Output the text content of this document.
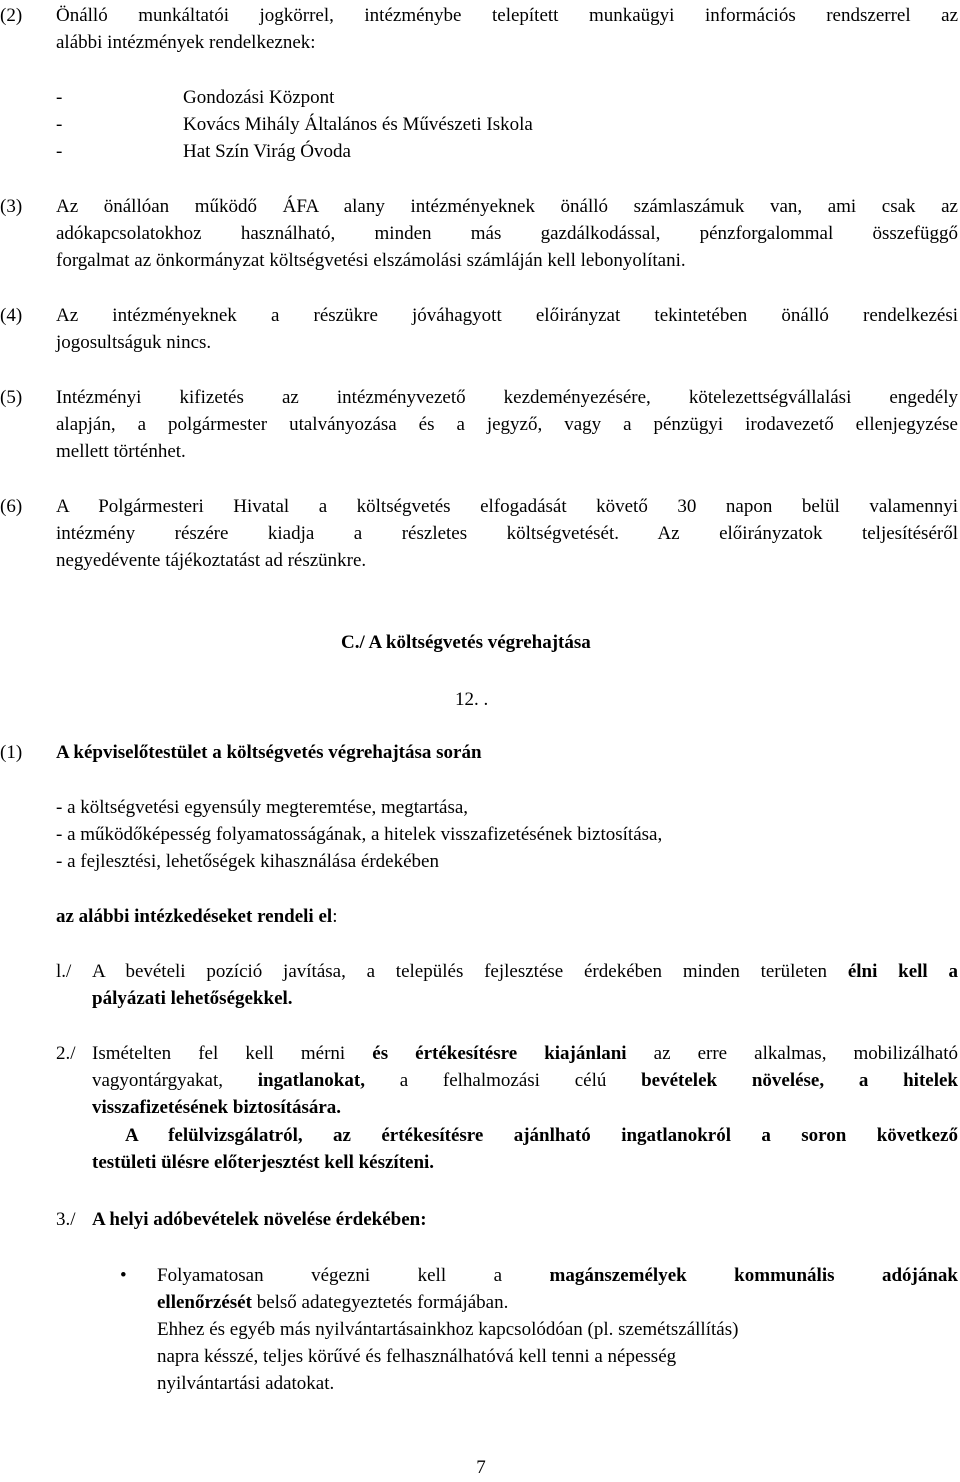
(2)	Önálló munkáltatói jogkörrel, intézménybe telepített munkaügyi információs rendszerrel az
alábbi intézmények rendelkeznek:
-	Gondozási Központ
-	Kovács Mihály Általános és Művészeti Iskola
-	Hat Szín Virág Óvoda
(3)	Az önállóan működő ÁFA alany intézményeknek önálló számlaszámuk van, ami csak az
adókapcsolatokhoz használható, minden más gazdálkodással, pénzforgalommal összefüggő
forgalmat az önkormányzat költségvetési elszámolási számláján kell lebonyolítani.
(4)	Az intézményeknek a részükre jóváhagyott előirányzat tekintetében önálló rendelkezési
jogosultságuk nincs.
(5)	Intézményi kifizetés az intézményvezető kezdeményezésére, kötelezettségvállalási engedély
alapján, a polgármester utalványozása és a jegyző, vagy a pénzügyi irodavezető ellenjegyzése
mellett történhet.
(6)	A Polgármesteri Hivatal a költségvetés elfogadását követő 30 napon belül valamennyi
intézmény részére kiadja a részletes költségvetését. Az előirányzatok teljesítéséről
negyedévente tájékoztatást ad részünkre.
C./ A költségvetés végrehajtása
12. .
(1)	A képviselőtestület a költségvetés végrehajtása során
- a költségvetési egyensúly megteremtése, megtartása,
- a működőképesség folyamatosságának, a hitelek visszafizetésének biztosítása,
- a fejlesztési, lehetőségek kihasználása érdekében
az alábbi intézkedéseket rendeli el:
l./ A bevételi pozíció javítása, a település fejlesztése érdekében minden területen élni kell a
pályázati lehetőségekkel.
2./ Ismételten fel kell mérni és értékesítésre kiajánlani az erre alkalmas, mobilizálható
vagyontárgyakat, ingatlanokat, a felhalmozási célú bevételek növelése, a hitelek
visszafizetésének biztosítására.
A felülvizsgálatról, az értékesítésre ajánlható ingatlanokról a soron következő
testületi ülésre előterjesztést kell készíteni.
3./ A helyi adóbevételek növelése érdekében:
• Folyamatosan végezni kell a magánszemélyek kommunális adójának
ellenőrzését belső adategyeztetés formájában.
Ehhez és egyéb más nyilvántartásainkhoz kapcsolódóan (pl. szemétszállítás)
napra késszé, teljes körűvé és felhasználhatóvá kell tenni a népesség
nyilvántartási adatokat.
7
